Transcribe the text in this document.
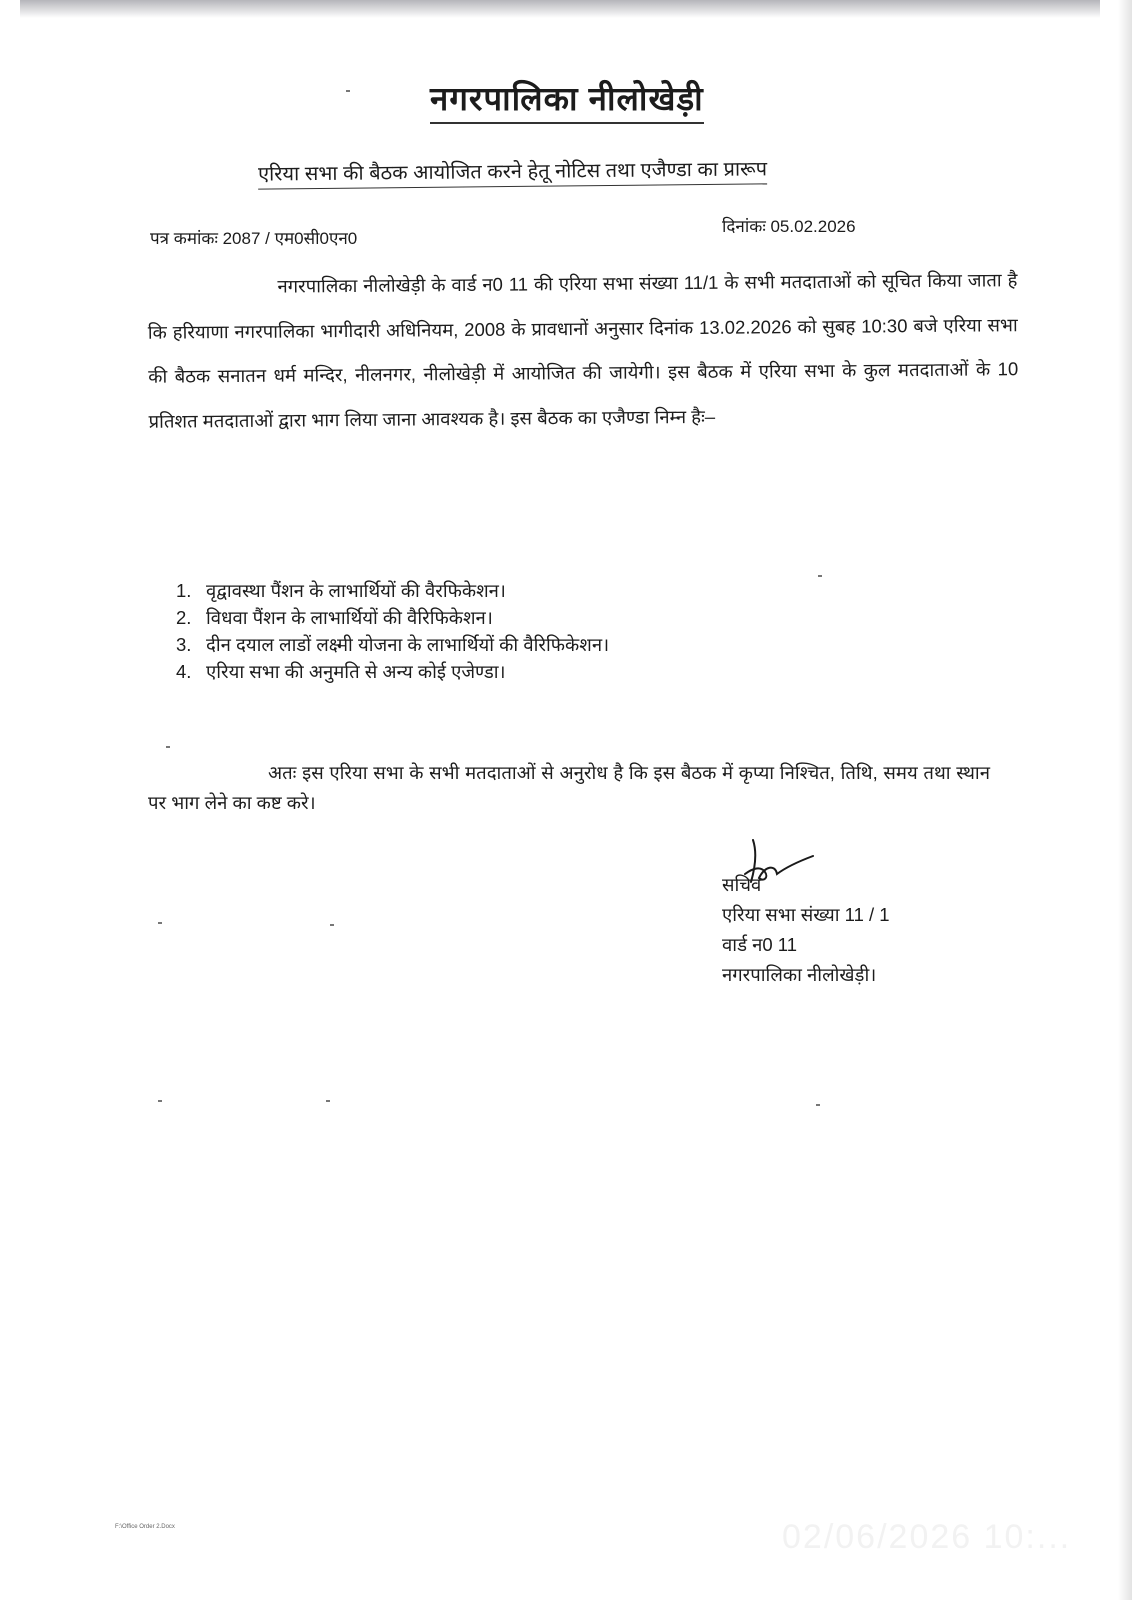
नगरपालिका नीलोखेड़ी
एरिया सभा की बैठक आयोजित करने हेतू नोटिस तथा एजैण्डा का प्रारूप
पत्र कमांकः 2087 / एम0सी0एन0
दिनांकः 05.02.2026
नगरपालिका नीलोखेड़ी के वार्ड न0 11 की एरिया सभा संख्या 11/1 के सभी मतदाताओं को सूचित किया जाता है कि हरियाणा नगरपालिका भागीदारी अधिनियम, 2008 के प्रावधानों अनुसार दिनांक 13.02.2026 को सुबह 10:30 बजे एरिया सभा की बैठक सनातन धर्म मन्दिर, नीलनगर, नीलोखेड़ी में आयोजित की जायेगी। इस बैठक में एरिया सभा के कुल मतदाताओं के 10 प्रतिशत मतदाताओं द्वारा भाग लिया जाना आवश्यक है। इस बैठक का एजैण्डा निम्न हैः–
1. वृद्वावस्था पैंशन के लाभार्थियों की वैरफिकेशन।
2. विधवा पैंशन के लाभार्थियों की वैरिफिकेशन।
3. दीन दयाल लाडों लक्ष्मी योजना के लाभार्थियों की वैरिफिकेशन।
4. एरिया सभा की अनुमति से अन्य कोई एजेण्डा।
अतः इस एरिया सभा के सभी मतदाताओं से अनुरोध है कि इस बैठक में कृप्या निश्चित, तिथि, समय तथा स्थान पर भाग लेने का कष्ट करे।
सचिव
एरिया सभा संख्या 11 / 1
वार्ड न0 11
नगरपालिका नीलोखेड़ी।
F:\Office Order 2.Docx	02/06/2026 10:...
